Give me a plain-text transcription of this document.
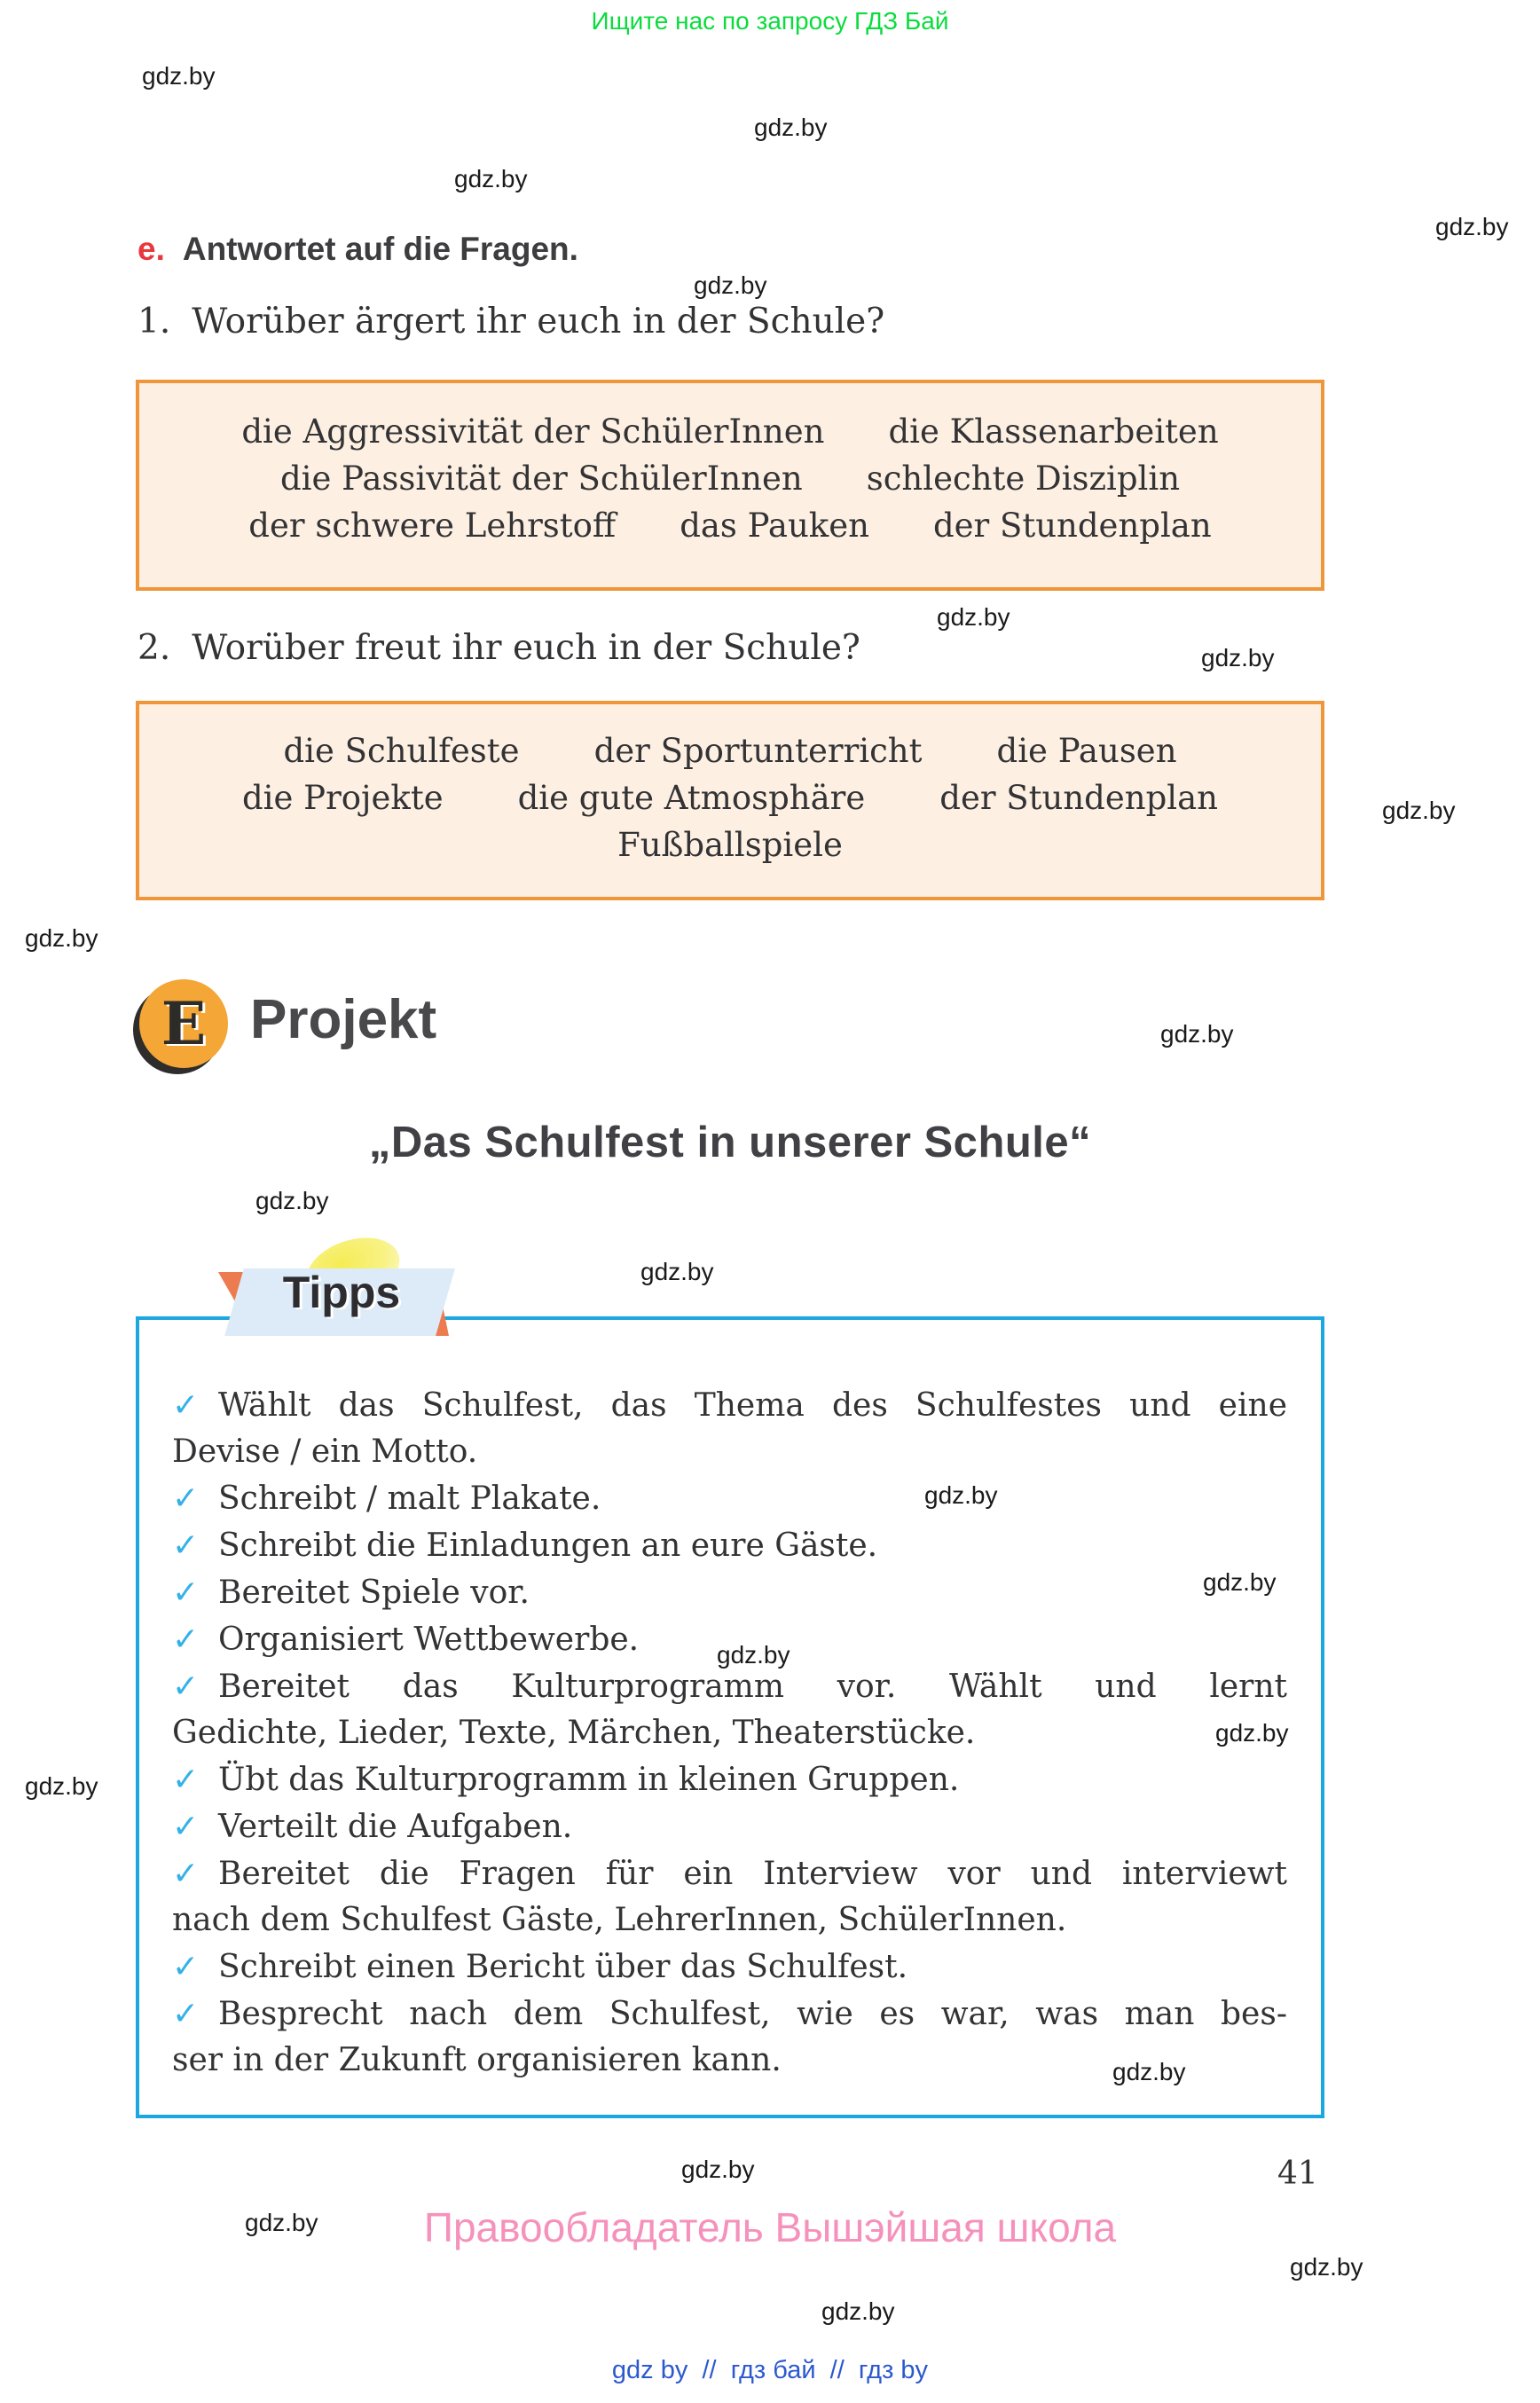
Ищите нас по запросу ГДЗ Бай
gdz.by
gdz.by
gdz.by
gdz.by
gdz.by
gdz.by
gdz.by
gdz.by
gdz.by
gdz.by
gdz.by
gdz.by
gdz.by
gdz.by
gdz.by
gdz.by
gdz.by
gdz.by
gdz.by
gdz.by
gdz.by
gdz.by
e. Antwortet auf die Fragen.
1. Worüber ärgert ihr euch in der Schule?
die Aggressivität der SchülerInnen die Klassenarbeiten
die Passivität der SchülerInnen schlechte Disziplin
der schwere Lehrstoff das Pauken der Stundenplan
2. Worüber freut ihr euch in der Schule?
die Schulfeste der Sportunterricht die Pausen
die Projekte die gute Atmosphäre der Stundenplan
Fußballspiele
E Projekt
„Das Schulfest in unserer Schule“
Tipps
✓ Wählt das Schulfest, das Thema des Schulfestes und eine
Devise / ein Motto.
✓ Schreibt / malt Plakate.
✓ Schreibt die Einladungen an eure Gäste.
✓ Bereitet Spiele vor.
✓ Organisiert Wettbewerbe.
✓ Bereitet das Kulturprogramm vor. Wählt und lernt
Gedichte, Lieder, Texte, Märchen, Theaterstücke.
✓ Übt das Kulturprogramm in kleinen Gruppen.
✓ Verteilt die Aufgaben.
✓ Bereitet die Fragen für ein Interview vor und interviewt
nach dem Schulfest Gäste, LehrerInnen, SchülerInnen.
✓ Schreibt einen Bericht über das Schulfest.
✓ Besprecht nach dem Schulfest, wie es war, was man bes-
ser in der Zukunft organisieren kann.
41
Правообладатель Вышэйшая школа
gdz by  //  гдз бай  //  гдз by
